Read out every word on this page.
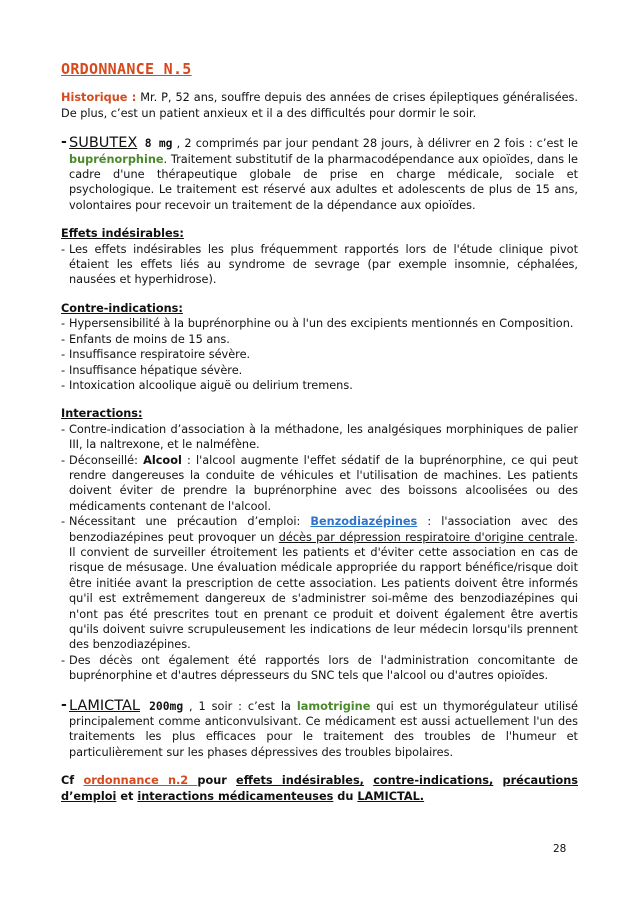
ORDONNANCE N.5

Historique : Mr. P, 52 ans, souffre depuis des années de crises épileptiques généralisées. De plus, c’est un patient anxieux et il a des difficultés pour dormir le soir.

- SUBUTEX 8 mg , 2 comprimés par jour pendant 28 jours, à délivrer en 2 fois : c’est le buprénorphine. Traitement substitutif de la pharmacodépendance aux opioïdes, dans le cadre d'une thérapeutique globale de prise en charge médicale, sociale et psychologique. Le traitement est réservé aux adultes et adolescents de plus de 15 ans, volontaires pour recevoir un traitement de la dépendance aux opioïdes.
Effets indésirables:
- Les effets indésirables les plus fréquemment rapportés lors de l'étude clinique pivot étaient les effets liés au syndrome de sevrage (par exemple insomnie, céphalées, nausées et hyperhidrose).
Contre-indications:
- Hypersensibilité à la buprénorphine ou à l'un des excipients mentionnés en Composition.
- Enfants de moins de 15 ans.
- Insuffisance respiratoire sévère.
- Insuffisance hépatique sévère.
- Intoxication alcoolique aiguë ou delirium tremens.
Interactions:
- Contre-indication d’association à la méthadone, les analgésiques morphiniques de palier III, la naltrexone, et le nalméfène.
- Déconseillé: Alcool : l'alcool augmente l'effet sédatif de la buprénorphine, ce qui peut rendre dangereuses la conduite de véhicules et l'utilisation de machines. Les patients doivent éviter de prendre la buprénorphine avec des boissons alcoolisées ou des médicaments contenant de l'alcool.
- Nécessitant une précaution d’emploi: Benzodiazépines : l'association avec des benzodiazépines peut provoquer un décès par dépression respiratoire d'origine centrale. Il convient de surveiller étroitement les patients et d'éviter cette association en cas de risque de mésusage. Une évaluation médicale appropriée du rapport bénéfice/risque doit être initiée avant la prescription de cette association. Les patients doivent être informés qu'il est extrêmement dangereux de s'administrer soi-même des benzodiazépines qui n'ont pas été prescrites tout en prenant ce produit et doivent également être avertis qu'ils doivent suivre scrupuleusement les indications de leur médecin lorsqu'ils prennent des benzodiazépines.
- Des décès ont également été rapportés lors de l'administration concomitante de buprénorphine et d'autres dépresseurs du SNC tels que l'alcool ou d'autres opioïdes.
- LAMICTAL 200mg , 1 soir : c’est la lamotrigine qui est un thymorégulateur utilisé principalement comme anticonvulsivant. Ce médicament est aussi actuellement l'un des traitements les plus efficaces pour le traitement des troubles de l'humeur et particulièrement sur les phases dépressives des troubles bipolaires.

Cf ordonnance n.2 pour effets indésirables, contre-indications, précautions d’emploi et interactions médicamenteuses du LAMICTAL.

28
